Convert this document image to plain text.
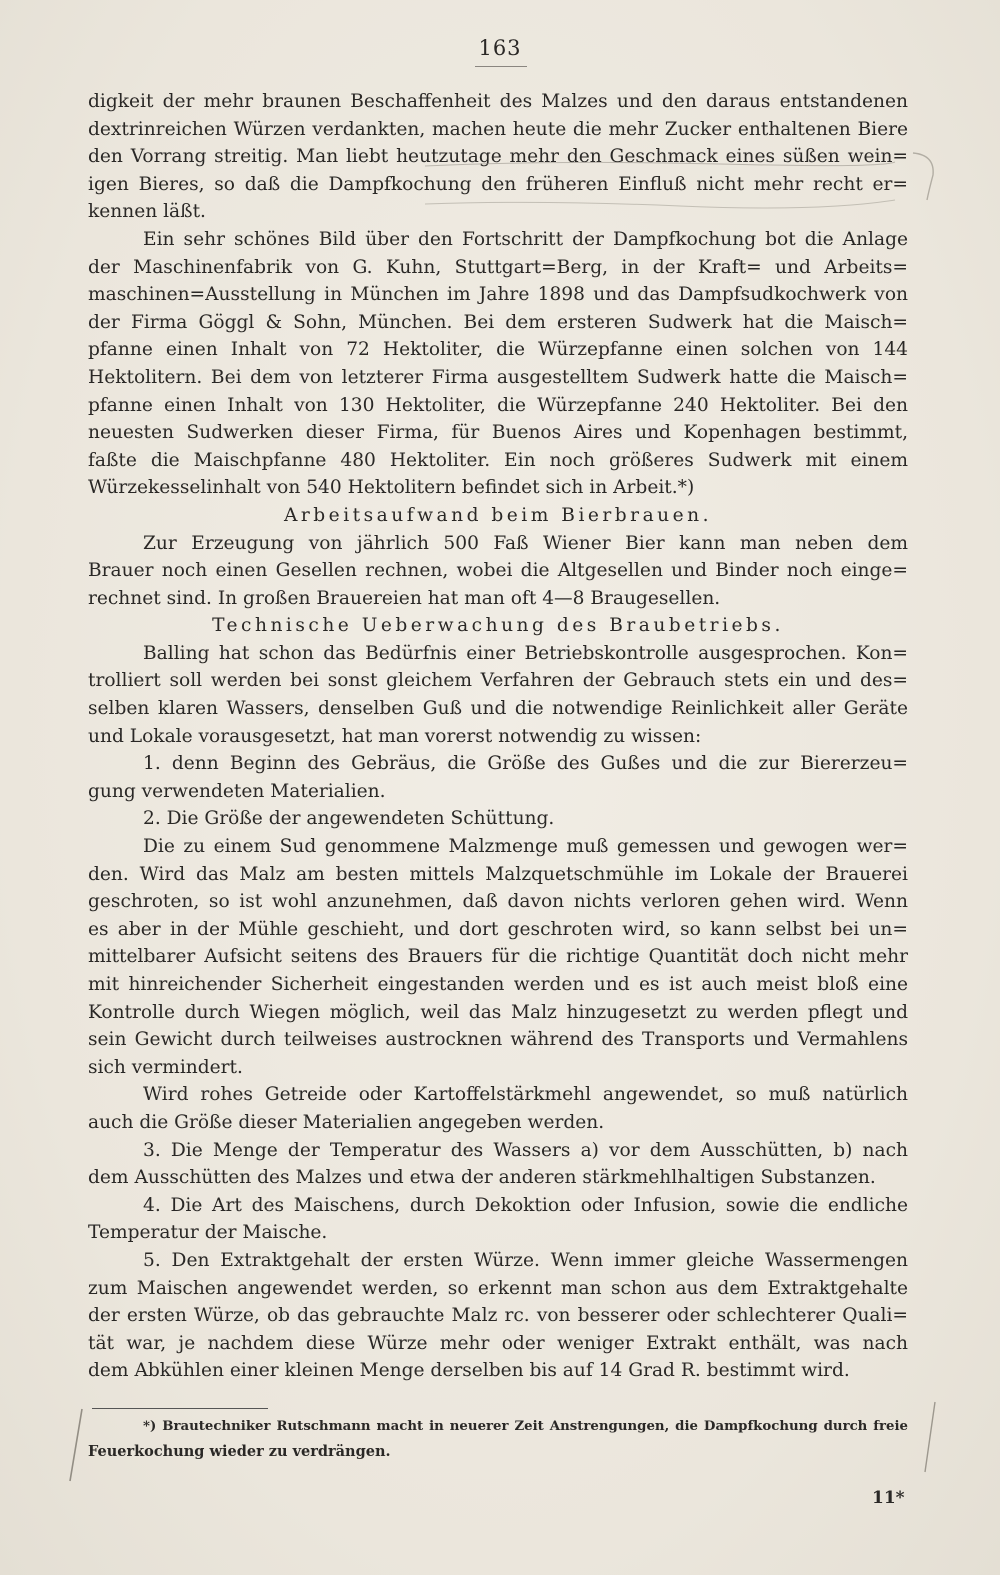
163
digkeit der mehr braunen Beschaffenheit des Malzes und den daraus entstandenen
dextrinreichen Würzen verdankten, machen heute die mehr Zucker enthaltenen Biere
den Vorrang streitig. Man liebt heutzutage mehr den Geschmack eines süßen wein=
igen Bieres, so daß die Dampfkochung den früheren Einfluß nicht mehr recht er=
kennen läßt.
Ein sehr schönes Bild über den Fortschritt der Dampfkochung bot die Anlage
der Maschinenfabrik von G. Kuhn, Stuttgart=Berg, in der Kraft= und Arbeits=
maschinen=Ausstellung in München im Jahre 1898 und das Dampfsudkochwerk von
der Firma Göggl & Sohn, München. Bei dem ersteren Sudwerk hat die Maisch=
pfanne einen Inhalt von 72 Hektoliter, die Würzepfanne einen solchen von 144
Hektolitern. Bei dem von letzterer Firma ausgestelltem Sudwerk hatte die Maisch=
pfanne einen Inhalt von 130 Hektoliter, die Würzepfanne 240 Hektoliter. Bei den
neuesten Sudwerken dieser Firma, für Buenos Aires und Kopenhagen bestimmt,
faßte die Maischpfanne 480 Hektoliter. Ein noch größeres Sudwerk mit einem
Würzekesselinhalt von 540 Hektolitern befindet sich in Arbeit.*)
Arbeitsaufwand beim Bierbrauen.
Zur Erzeugung von jährlich 500 Faß Wiener Bier kann man neben dem
Brauer noch einen Gesellen rechnen, wobei die Altgesellen und Binder noch einge=
rechnet sind. In großen Brauereien hat man oft 4—8 Braugesellen.
Technische Ueberwachung des Braubetriebs.
Balling hat schon das Bedürfnis einer Betriebskontrolle ausgesprochen. Kon=
trolliert soll werden bei sonst gleichem Verfahren der Gebrauch stets ein und des=
selben klaren Wassers, denselben Guß und die notwendige Reinlichkeit aller Geräte
und Lokale vorausgesetzt, hat man vorerst notwendig zu wissen:
1. denn Beginn des Gebräus, die Größe des Gußes und die zur Biererzeu=
gung verwendeten Materialien.
2. Die Größe der angewendeten Schüttung.
Die zu einem Sud genommene Malzmenge muß gemessen und gewogen wer=
den. Wird das Malz am besten mittels Malzquetschmühle im Lokale der Brauerei
geschroten, so ist wohl anzunehmen, daß davon nichts verloren gehen wird. Wenn
es aber in der Mühle geschieht, und dort geschroten wird, so kann selbst bei un=
mittelbarer Aufsicht seitens des Brauers für die richtige Quantität doch nicht mehr
mit hinreichender Sicherheit eingestanden werden und es ist auch meist bloß eine
Kontrolle durch Wiegen möglich, weil das Malz hinzugesetzt zu werden pflegt und
sein Gewicht durch teilweises austrocknen während des Transports und Vermahlens
sich vermindert.
Wird rohes Getreide oder Kartoffelstärkmehl angewendet, so muß natürlich
auch die Größe dieser Materialien angegeben werden.
3. Die Menge der Temperatur des Wassers a) vor dem Ausschütten, b) nach
dem Ausschütten des Malzes und etwa der anderen stärkmehlhaltigen Substanzen.
4. Die Art des Maischens, durch Dekoktion oder Infusion, sowie die endliche
Temperatur der Maische.
5. Den Extraktgehalt der ersten Würze. Wenn immer gleiche Wassermengen
zum Maischen angewendet werden, so erkennt man schon aus dem Extraktgehalte
der ersten Würze, ob das gebrauchte Malz rc. von besserer oder schlechterer Quali=
tät war, je nachdem diese Würze mehr oder weniger Extrakt enthält, was nach
dem Abkühlen einer kleinen Menge derselben bis auf 14 Grad R. bestimmt wird.
*) Brautechniker Rutschmann macht in neuerer Zeit Anstrengungen, die Dampfkochung durch freie
Feuerkochung wieder zu verdrängen.
11*
